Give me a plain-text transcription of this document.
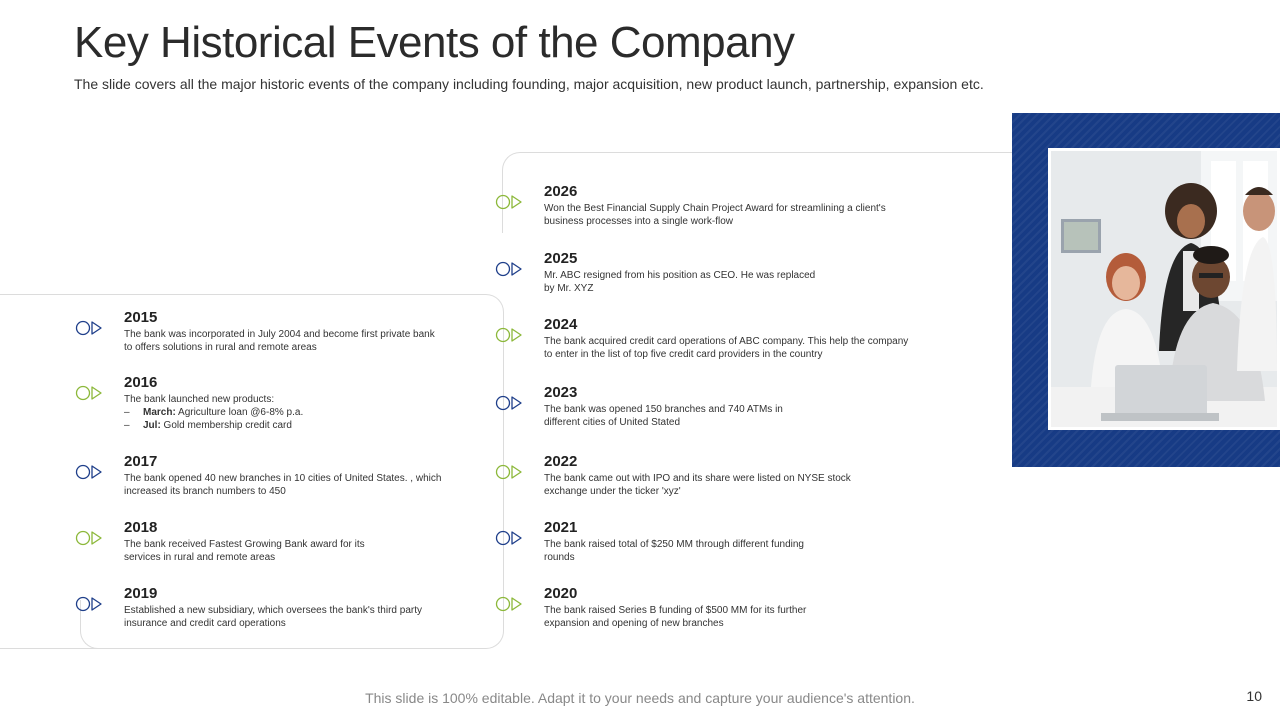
Key Historical Events of the Company
The slide covers all the major historic events of the company including founding, major acquisition, new product launch, partnership, expansion etc.
2015
The bank was incorporated in July 2004 and become first private bank
to offers solutions in rural and remote areas
2016
The bank launched new products:
– March: Agriculture loan @6-8% p.a.
– Jul: Gold membership credit card
2017
The bank opened 40 new branches in 10 cities of United States. , which
increased its branch numbers to 450
2018
The bank received Fastest Growing Bank award for its
services in rural and remote areas
2019
Established a new subsidiary, which oversees the bank's third party
insurance and credit card operations
2026
Won the Best Financial Supply Chain Project Award for streamlining a client's
business processes into a single work-flow
2025
Mr. ABC resigned from his position as CEO. He was replaced
by Mr. XYZ
2024
The bank acquired credit card operations of ABC company. This help the company
to enter in the list of top five credit card providers in the country
2023
The bank was opened 150 branches and 740 ATMs in
different cities of United Stated
2022
The bank came out with IPO and its share were listed on NYSE stock
exchange under the ticker 'xyz'
2021
The bank raised total of $250 MM through different funding
rounds
2020
The bank raised Series B funding of $500 MM for its further
expansion and opening of new branches
This slide is 100% editable. Adapt it to your needs and capture your audience's attention.	10
